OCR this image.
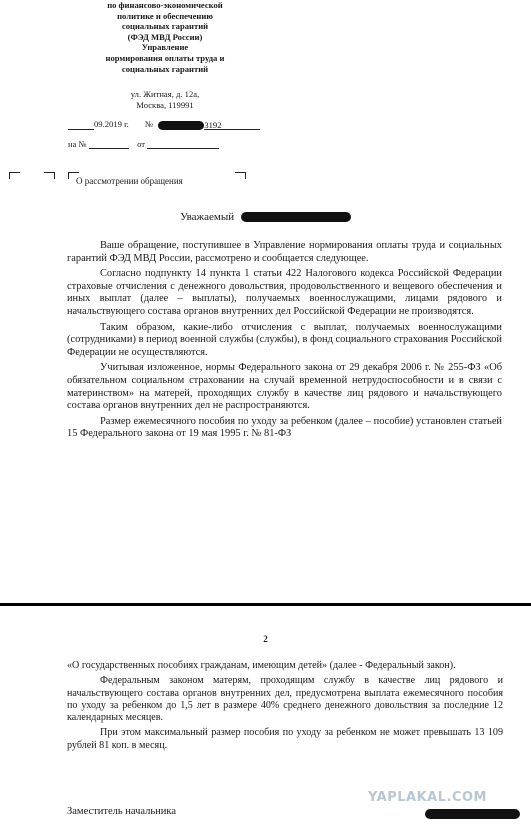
по финансово-экономической
политике и обеспечению
социальных гарантий
(ФЭД МВД России)
Управление
нормирования оплаты труда и
социальных гарантий
ул. Житная, д. 12а,
Москва, 119991
09.2019 г. №	3192
на №	от
О рассмотрении обращения
Уважаемый

Ваше обращение, поступившее в Управление нормирования оплаты труда и социальных гарантий ФЭД МВД России, рассмотрено и сообщается следующее.

Согласно подпункту 14 пункта 1 статьи 422 Налогового кодекса Российской Федерации страховые отчисления с денежного довольствия, продовольственного и вещевого обеспечения и иных выплат (далее – выплаты), получаемых военнослужащими, лицами рядового и начальствующего состава органов внутренних дел Российской Федерации не производятся.

Таким образом, какие-либо отчисления с выплат, получаемых военнослужащими (сотрудниками) в период военной службы (службы), в фонд социального страхования Российской Федерации не осуществляются.

Учитывая изложенное, нормы Федерального закона от 29 декабря 2006 г. № 255-ФЗ «Об обязательном социальном страховании на случай временной нетрудоспособности и в связи с материнством» на матерей, проходящих службу в качестве лиц рядового и начальствующего состава органов внутренних дел не распространяются.

Размер ежемесячного пособия по уходу за ребенком (далее – пособие) установлен статьей 15 Федерального закона от 19 мая 1995 г. № 81-ФЗ

2

«О государственных пособиях гражданам, имеющим детей» (далее - Федеральный закон).

Федеральным законом матерям, проходящим службу в качестве лиц рядового и начальствующего состава органов внутренних дел, предусмотрена выплата ежемесячного пособия по уходу за ребенком до 1,5 лет в размере 40% среднего денежного довольствия за последние 12 календарных месяцев.

При этом максимальный размер пособия по уходу за ребенком не может превышать 13 109 рублей 81 коп. в месяц.

Заместитель начальника
YAPLAKAL.COM
